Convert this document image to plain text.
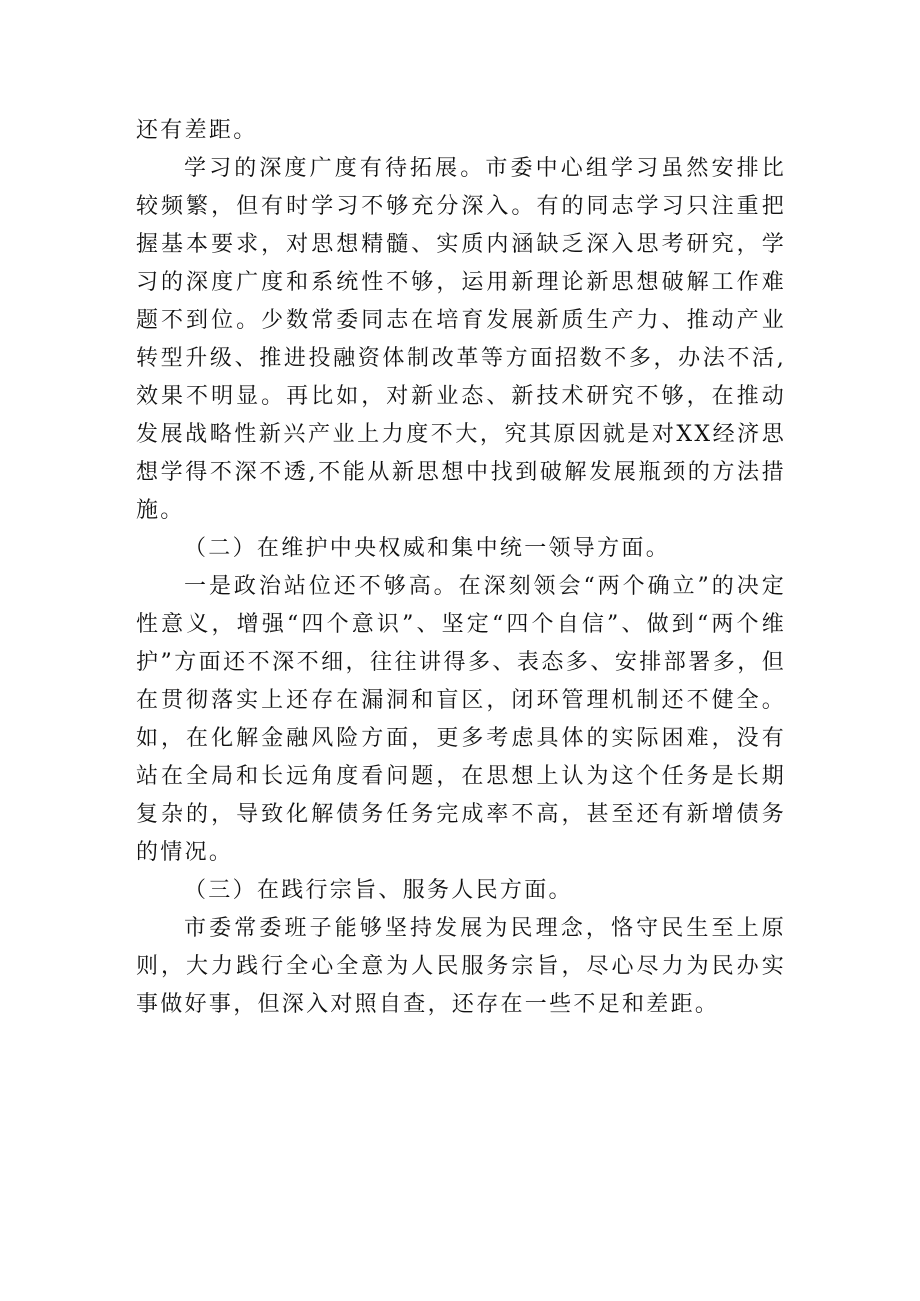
还有差距。

学习的深度广度有待拓展。市委中心组学习虽然安排比较频繁，但有时学习不够充分深入。有的同志学习只注重把握基本要求，对思想精髓、实质内涵缺乏深入思考研究，学习的深度广度和系统性不够，运用新理论新思想破解工作难题不到位。少数常委同志在培育发展新质生产力、推动产业转型升级、推进投融资体制改革等方面招数不多，办法不活,效果不明显。再比如，对新业态、新技术研究不够，在推动发展战略性新兴产业上力度不大，究其原因就是对XX经济思想学得不深不透,不能从新思想中找到破解发展瓶颈的方法措施。

（二）在维护中央权威和集中统一领导方面。

一是政治站位还不够高。在深刻领会“两个确立”的决定性意义，增强“四个意识”、坚定“四个自信”、做到“两个维护”方面还不深不细，往往讲得多、表态多、安排部署多，但在贯彻落实上还存在漏洞和盲区，闭环管理机制还不健全。如，在化解金融风险方面，更多考虑具体的实际困难，没有站在全局和长远角度看问题，在思想上认为这个任务是长期复杂的，导致化解债务任务完成率不高，甚至还有新增债务的情况。

（三）在践行宗旨、服务人民方面。

市委常委班子能够坚持发展为民理念，恪守民生至上原则，大力践行全心全意为人民服务宗旨，尽心尽力为民办实事做好事，但深入对照自查，还存在一些不足和差距。
